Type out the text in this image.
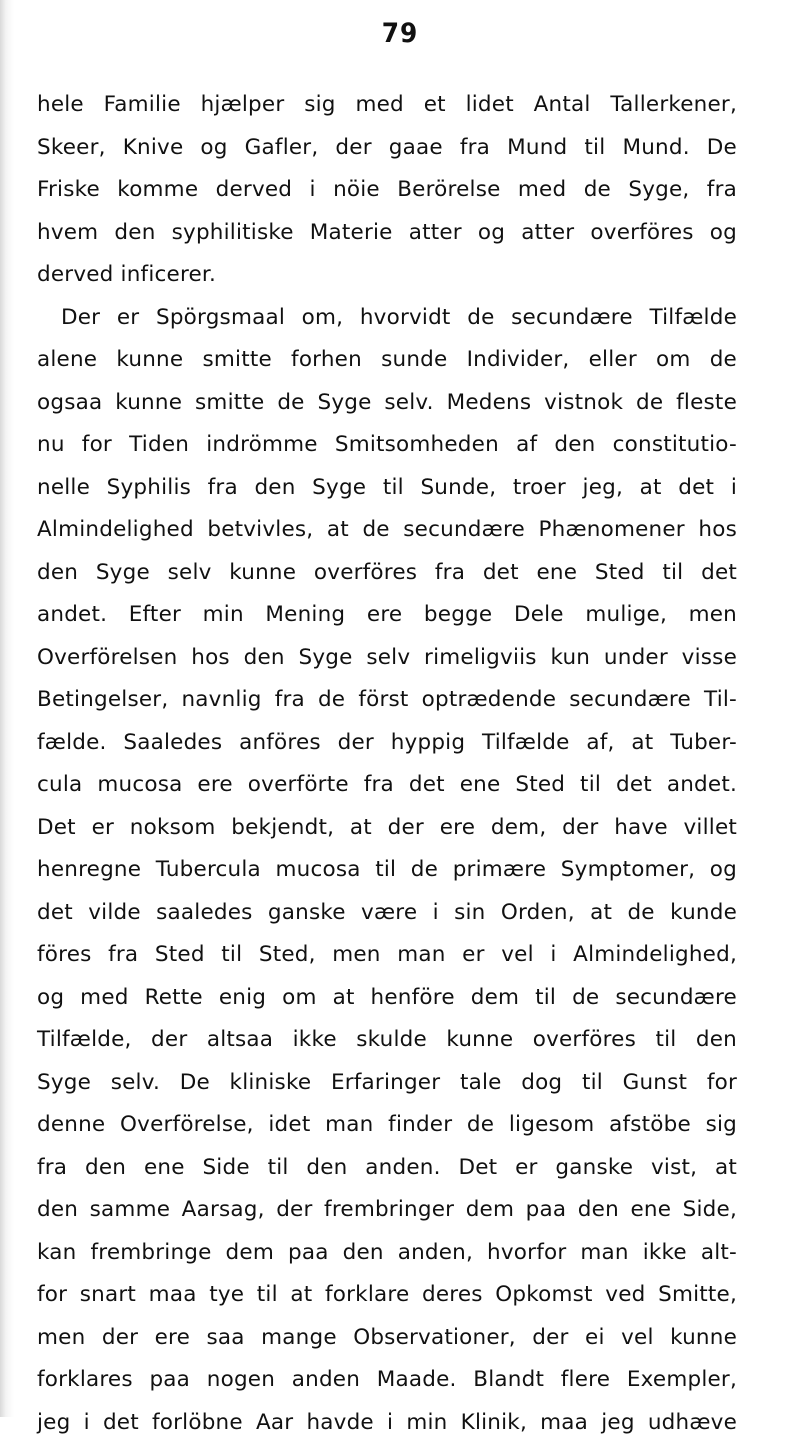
79
hele Familie hjælper sig med et lidet Antal Tallerkener,
Skeer, Knive og Gafler, der gaae fra Mund til Mund. De
Friske komme derved i nöie Berörelse med de Syge, fra
hvem den syphilitiske Materie atter og atter overföres og
derved inficerer.
Der er Spörgsmaal om, hvorvidt de secundære Tilfælde
alene kunne smitte forhen sunde Individer, eller om de
ogsaa kunne smitte de Syge selv. Medens vistnok de fleste
nu for Tiden indrömme Smitsomheden af den constitutio-
nelle Syphilis fra den Syge til Sunde, troer jeg, at det i
Almindelighed betvivles, at de secundære Phænomener hos
den Syge selv kunne overföres fra det ene Sted til det
andet. Efter min Mening ere begge Dele mulige, men
Overförelsen hos den Syge selv rimeligviis kun under visse
Betingelser, navnlig fra de först optrædende secundære Til-
fælde. Saaledes anföres der hyppig Tilfælde af, at Tuber-
cula mucosa ere overförte fra det ene Sted til det andet.
Det er noksom bekjendt, at der ere dem, der have villet
henregne Tubercula mucosa til de primære Symptomer, og
det vilde saaledes ganske være i sin Orden, at de kunde
föres fra Sted til Sted, men man er vel i Almindelighed,
og med Rette enig om at henföre dem til de secundære
Tilfælde, der altsaa ikke skulde kunne overföres til den
Syge selv. De kliniske Erfaringer tale dog til Gunst for
denne Overförelse, idet man finder de ligesom afstöbe sig
fra den ene Side til den anden. Det er ganske vist, at
den samme Aarsag, der frembringer dem paa den ene Side,
kan frembringe dem paa den anden, hvorfor man ikke alt-
for snart maa tye til at forklare deres Opkomst ved Smitte,
men der ere saa mange Observationer, der ei vel kunne
forklares paa nogen anden Maade. Blandt flere Exempler,
jeg i det forlöbne Aar havde i min Klinik, maa jeg udhæve
